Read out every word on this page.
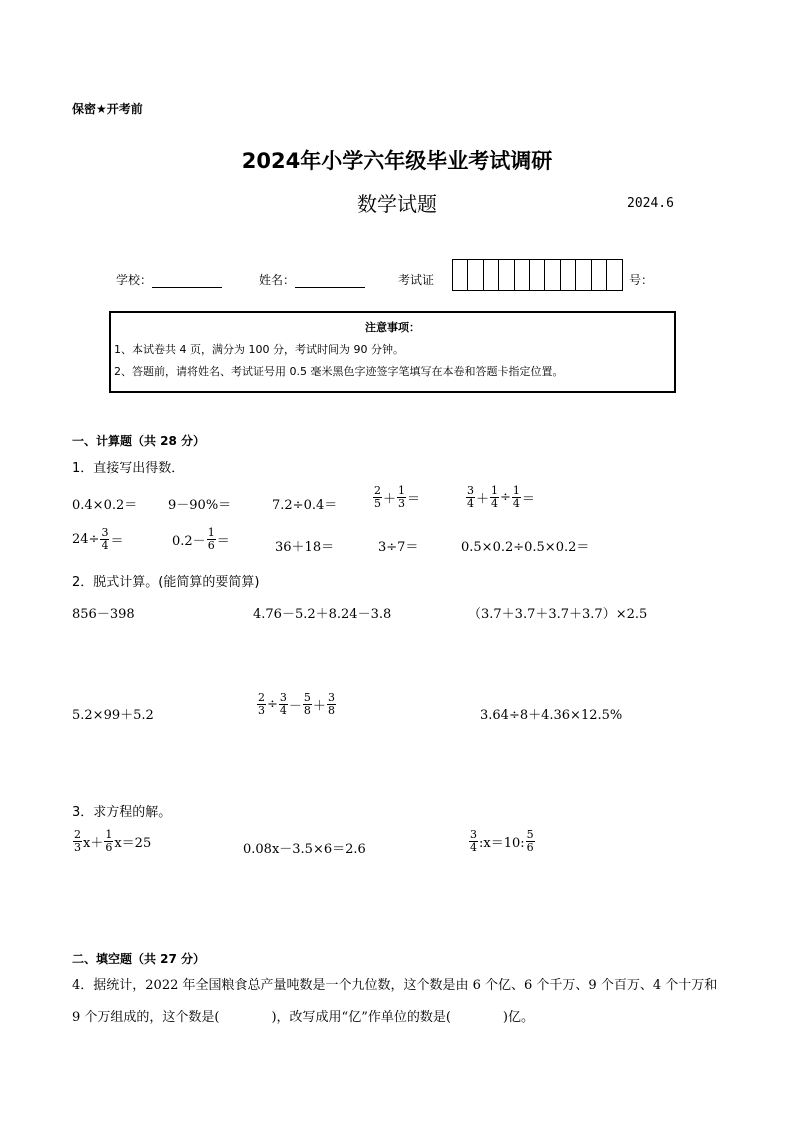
保密★开考前
2024年小学六年级毕业考试调研
数学试题	2024.6
学校：	姓名：	考试证	号：
注意事项：
1、本试卷共 4 页，满分为 100 分，考试时间为 90 分钟。
2、答题前，请将姓名、考试证号用 0.5 毫米黑色字迹签字笔填写在本卷和答题卡指定位置。
一、计算题（共 28 分）
1．直接写出得数．
0.4×0.2＝ 9－90%＝	7.2÷0.4＝	$\frac{2}{5} + \frac{1}{3}$ ＝	$\frac{3}{4} + \frac{1}{4} \div \frac{1}{4}$ ＝
$24\div \frac{3}{4}$ ＝	$0.2- \frac{1}{6}$ ＝	36＋18＝	3÷7＝	0.5×0.2÷0.5×0.2＝
2．脱式计算。(能简算的要简算)
856－398	4.76－5.2＋8.24－3.8	（3.7＋3.7＋3.7＋3.7）×2.5
5.2×99＋5.2	$\frac{2}{3} \div \frac{3}{4} - \frac{5}{8} + \frac{3}{8}$	3.64÷8＋4.36×12.5%
3．求方程的解。
$\frac{2}{3} x+ \frac{1}{6} x=25$	0.08x－3.5×6＝2.6	$\frac{3}{4}$ :x＝10: $\frac{5}{6}$
二、填空题（共 27 分）
4．据统计，2022 年全国粮食总产量吨数是一个九位数，这个数是由 6 个亿、6 个千万、9 个百万、4 个十万和 9 个万组成的，这个数是(　　　　)，改写成用“亿”作单位的数是(　　　　)亿。
